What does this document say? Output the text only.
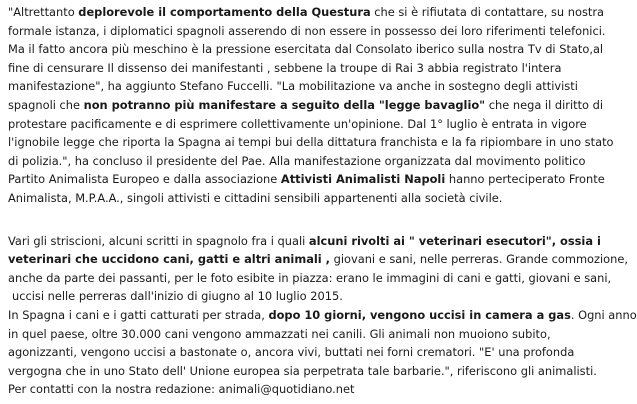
"Altrettanto deplorevole il comportamento della Questura che si è rifiutata di contattare, su nostra
formale istanza, i diplomatici spagnoli asserendo di non essere in possesso dei loro riferimenti telefonici.
Ma il fatto ancora più meschino è la pressione esercitata dal Consolato iberico sulla nostra Tv di Stato,al
fine di censurare Il dissenso dei manifestanti , sebbene la troupe di Rai 3 abbia registrato l'intera
manifestazione", ha aggiunto Stefano Fuccelli. "La mobilitazione va anche in sostegno degli attivisti
spagnoli che non potranno più manifestare a seguito della "legge bavaglio" che nega il diritto di
protestare pacificamente e di esprimere collettivamente un'opinione. Dal 1° luglio è entrata in vigore
l'ignobile legge che riporta la Spagna ai tempi bui della dittatura franchista e la fa ripiombare in uno stato
di polizia.", ha concluso il presidente del Pae. Alla manifestazione organizzata dal movimento politico
Partito Animalista Europeo e dalla associazione Attivisti Animalisti Napoli hanno perteciperato Fronte
Animalista, M.P.A.A., singoli attivisti e cittadini sensibili appartenenti alla società civile.
Vari gli striscioni, alcuni scritti in spagnolo fra i quali alcuni rivolti ai " veterinari esecutori", ossia i
veterinari che uccidono cani, gatti e altri animali , giovani e sani, nelle perreras. Grande commozione,
anche da parte dei passanti, per le foto esibite in piazza: erano le immagini di cani e gatti, giovani e sani,
uccisi nelle perreras dall'inizio di giugno al 10 luglio 2015.
In Spagna i cani e i gatti catturati per strada, dopo 10 giorni, vengono uccisi in camera a gas. Ogni anno
in quel paese, oltre 30.000 cani vengono ammazzati nei canili. Gli animali non muoiono subito,
agonizzanti, vengono uccisi a bastonate o, ancora vivi, buttati nei forni crematori. "E' una profonda
vergogna che in uno Stato dell' Unione europea sia perpetrata tale barbarie.", riferiscono gli animalisti.
Per contatti con la nostra redazione: animali@quotidiano.net
